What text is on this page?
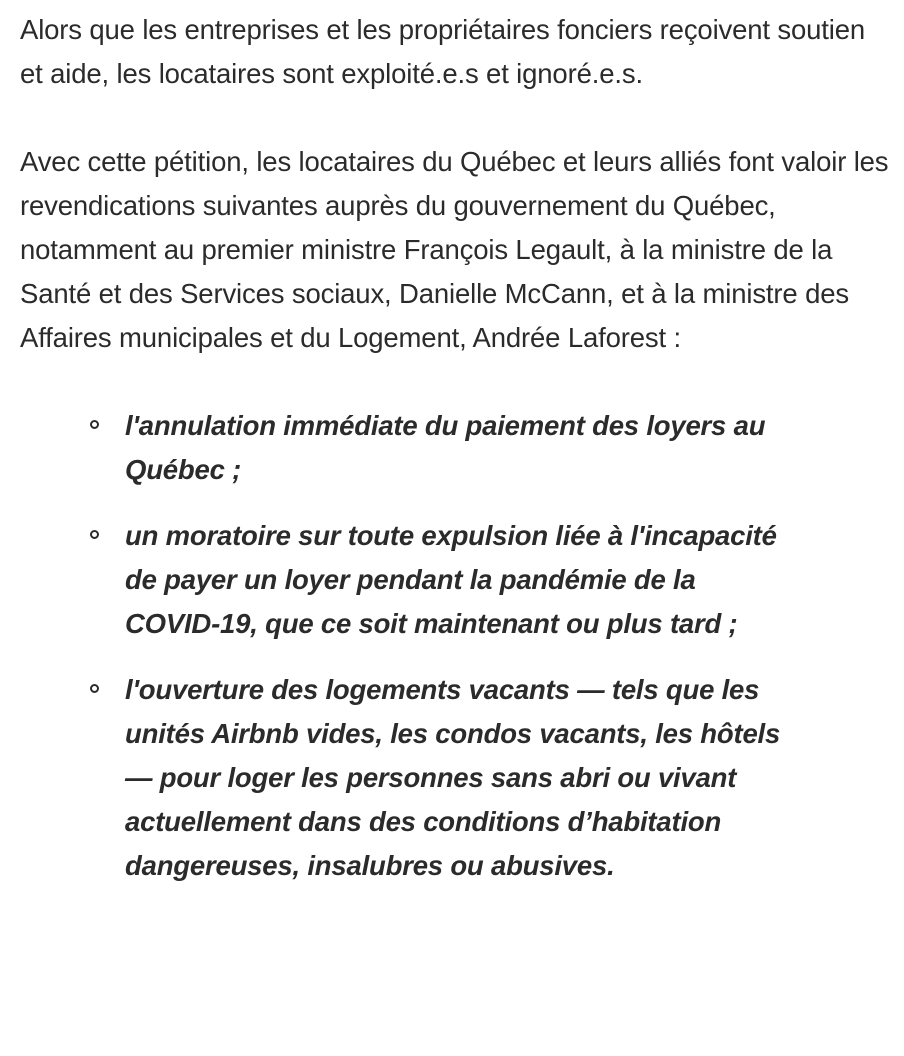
Alors que les entreprises et les propriétaires fonciers reçoivent soutien et aide, les locataires sont exploité.e.s et ignoré.e.s.

Avec cette pétition, les locataires du Québec et leurs alliés font valoir les revendications suivantes auprès du gouvernement du Québec, notamment au premier ministre François Legault, à la ministre de la Santé et des Services sociaux, Danielle McCann, et à la ministre des Affaires municipales et du Logement, Andrée Laforest :

l'annulation immédiate du paiement des loyers au Québec ;
un moratoire sur toute expulsion liée à l'incapacité de payer un loyer pendant la pandémie de la COVID-19, que ce soit maintenant ou plus tard ;
l'ouverture des logements vacants — tels que les unités Airbnb vides, les condos vacants, les hôtels — pour loger les personnes sans abri ou vivant actuellement dans des conditions d’habitation dangereuses, insalubres ou abusives.
